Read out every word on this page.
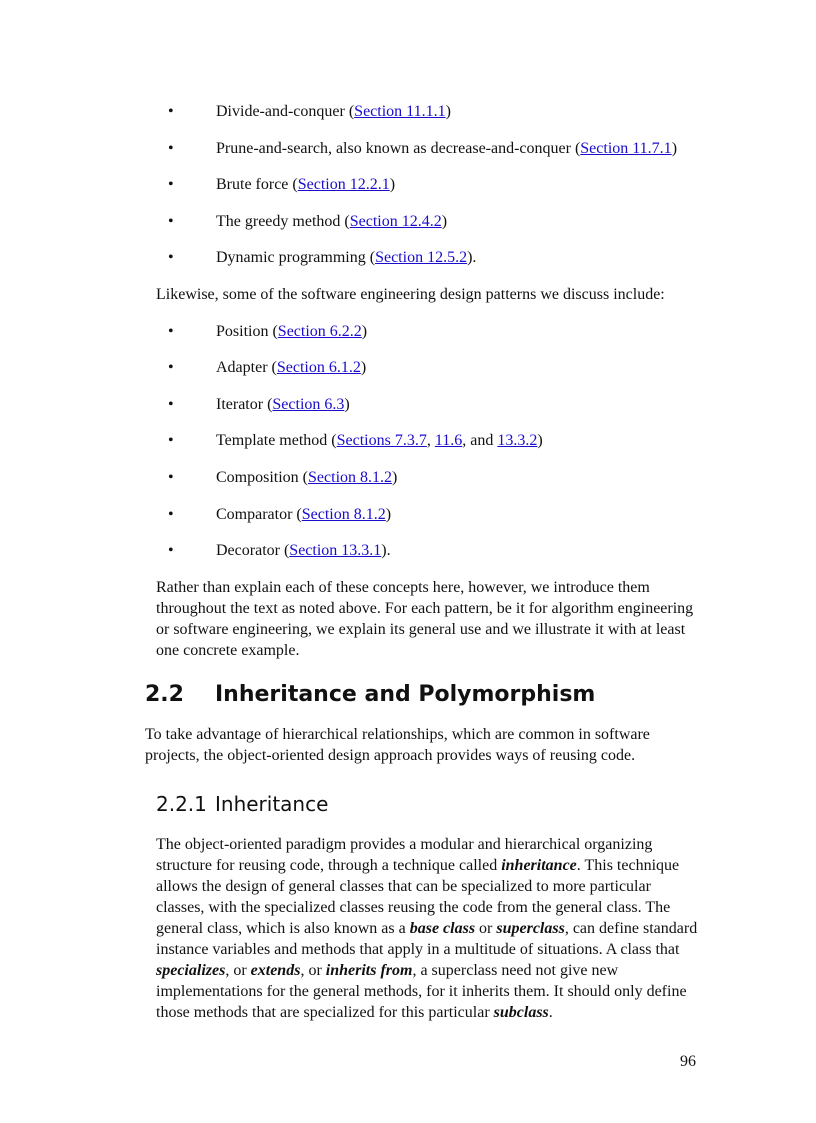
•	Divide-and-conquer (Section 11.1.1)
•	Prune-and-search, also known as decrease-and-conquer (Section 11.7.1)
•	Brute force (Section 12.2.1)
•	The greedy method (Section 12.4.2)
•	Dynamic programming (Section 12.5.2).

Likewise, some of the software engineering design patterns we discuss include:

•	Position (Section 6.2.2)
•	Adapter (Section 6.1.2)
•	Iterator (Section 6.3)
•	Template method (Sections 7.3.7, 11.6, and 13.3.2)
•	Composition (Section 8.1.2)
•	Comparator (Section 8.1.2)
•	Decorator (Section 13.3.1).

Rather than explain each of these concepts here, however, we introduce them throughout the text as noted above. For each pattern, be it for algorithm engineering or software engineering, we explain its general use and we illustrate it with at least one concrete example.

2.2 Inheritance and Polymorphism

To take advantage of hierarchical relationships, which are common in software projects, the object-oriented design approach provides ways of reusing code.

2.2.1 Inheritance

The object-oriented paradigm provides a modular and hierarchical organizing structure for reusing code, through a technique called inheritance. This technique allows the design of general classes that can be specialized to more particular classes, with the specialized classes reusing the code from the general class. The general class, which is also known as a base class or superclass, can define standard instance variables and methods that apply in a multitude of situations. A class that specializes, or extends, or inherits from, a superclass need not give new implementations for the general methods, for it inherits them. It should only define those methods that are specialized for this particular subclass.

96
